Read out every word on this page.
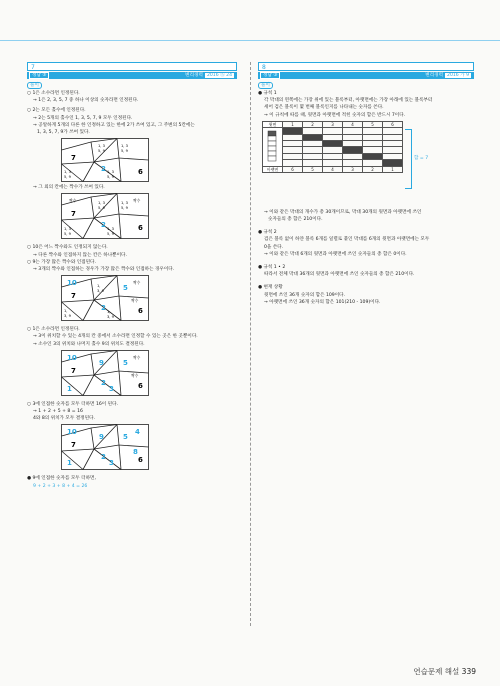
7
정답 ⑤	변리경력 2016 ⓗ 24
풀이
○ 1은 소수라면 인정된다.
→ 1은 2, 3, 5, 7 중 하나 이상의 숫자라면 인정된다.
○ 2는 모든 홀수에 인정된다.
→ 2는 5개의 홀수인 1, 3, 5, 7, 9 모두 인정된다.
→ 공알하게 5개의 다른 한 인정하고 있는 한에 2가 쓰여 있고, 그 주변의 5칸에는
1, 3, 5, 7, 9가 쓰여 있다.
1, 3
5, 9
1, 3
5, 9
7
2	6
1, 3
5, 9
1, 3
5, 9
→ 그 외의 칸에는 짝수가 쓰여 있다.
짝수	짝수
1, 3
5, 9
1, 3
5, 9
7
2	6
1, 3
5, 9
1, 3
5, 9
○ 10은 어느 짝수와도 인정되지 않는다.
→ 다른 짝수와 인접하지 않는 칸은 하나뿐이다.
○ 9는 가장 많은 짝수와 인접된다.
→ 3개의 짝수와 인접하는 경우가 가장 많은 짝수와 인접하는 경우이다.
10	짝수
1,
3, 9	5
7
짝수
1,
3, 9
2 1,
3, 9
6
○ 1은 소수라면 인정된다.
→ 3이 위치할 수 있는 4개의 칸 중에서 소수라면 인정할 수 있는 곳은 한 곳뿐이다.
→ 소수인 3의 위치와 나머지 홀수 9의 위치도 결정된다.
10	짝수
9	5
7
짝수
2
1	3	6
○ 3에 인접한 숫자를 모두 더하면 16이 된다.
→ 1 + 2 + 5 + 8 = 16
4와 8의 위치가 모두 결정된다.
10	4
9	5
7
8
2
1	3	6
● 9에 인접한 숫자를 모두 더하면,
9 + 2 + 3 + 8 + 4 = 26
8
정답 ③	변리경력 2016 가 9
풀이
● 규칙 1
각 막대의 왼쪽에는 가장 위에 있는 블록부터, 아랫면에는 가장 아래에 있는 블록부터
세어 검은 블록이 몇 번째 블록인지를 나타내는 숫자를 쓴다.
→ 이 규칙에 따를 때, 윗면과 아랫면에 적힌 숫자의 합은 반드시 7이다.
윗면	1	2	3	4	5	6

아랫면	6	5	4	3	2	1
합 = 7
→ 이와 같은 막대의 개수가 총 30개이므로, 막대 30개의 윗면과 아랫면에 쓰인
숫자들의 총 합은 210이다.
● 규칙 2
검은 블록 없이 하얀 블록 6개를 일렬로 붙인 막대를 6개의 윗면과 아랫면에는 모두
0을 쓴다.
→ 이와 같은 막대 6개의 윗면과 아랫면에 쓰인 숫자들의 총 합은 0이다.
● 규칙 1 • 2
따라서 전체 막대 36개의 윗면과 아랫면에 쓰인 숫자들의 총 합은 210이다.
● 현재 상황
윗면에 쓰인 36개 숫자의 합은 109이다.
→ 아랫면에 쓰인 36개 숫자의 합은 101(210 - 109)이다.
연습문제 해설 339
